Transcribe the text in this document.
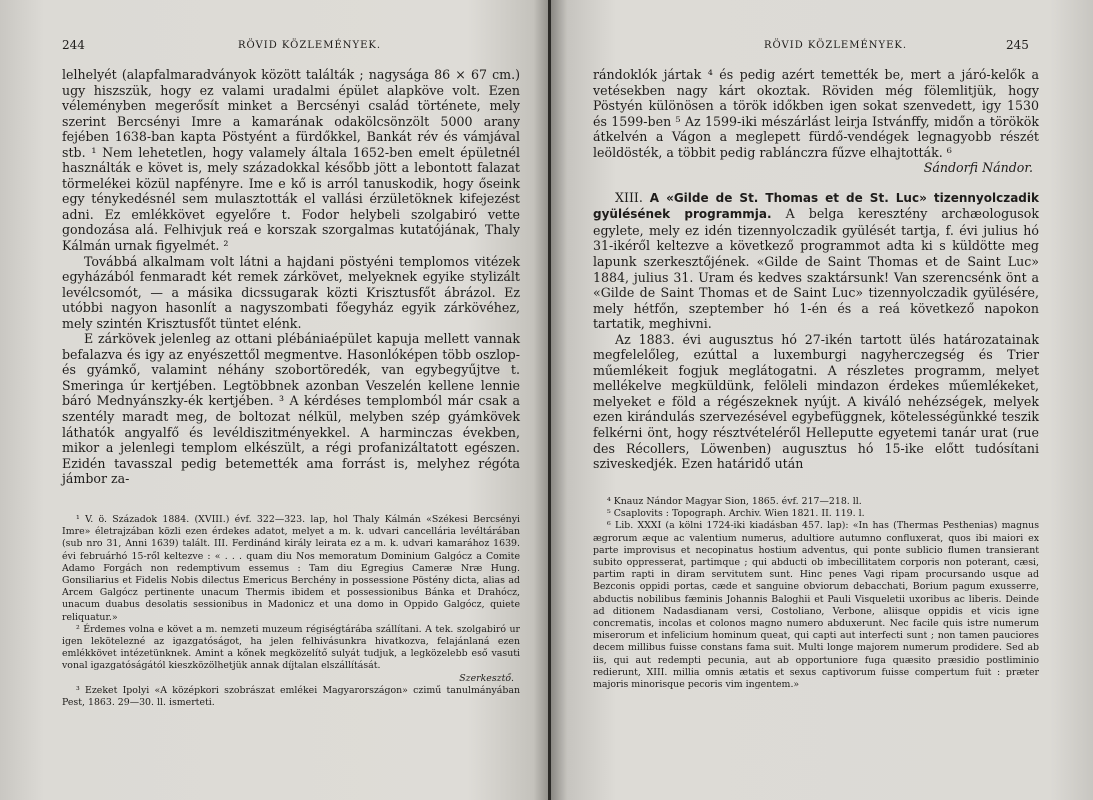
244	RÖVID KÖZLEMÉNYEK.

lelhelyét (alapfalmaradványok között találták ; nagysága 86 × 67 cm.) ugy hiszszük, hogy ez valami uradalmi épület alapköve volt. Ezen véleményben megerősít minket a Bercsényi család története, mely szerint Bercsényi Imre a kamarának odakölcsönzölt 5000 arany fejében 1638-ban kapta Pöstyént a fürdőkkel, Bankát rév és vámjával stb. ¹ Nem lehetetlen, hogy valamely általa 1652-ben emelt épületnél használták e követ is, mely századokkal később jött a lebontott falazat törmelékei közül napfényre. Ime e kő is arról tanuskodik, hogy őseink egy ténykedésnél sem mulasztották el vallási érzületöknek kifejezést adni. Ez emlékkövet egyelőre t. Fodor helybeli szolgabiró vette gondozása alá. Felhivjuk reá e korszak szorgalmas kutatójának, Thaly Kálmán urnak figyelmét. ²

Továbbá alkalmam volt látni a hajdani pöstyéni templomos vitézek egyházából fenmaradt két remek zárkövet, melyeknek egyike stylizált levélcsomót, — a másika dicssugarak közti Krisztusfőt ábrázol. Ez utóbbi nagyon hasonlít a nagyszombati főegyház egyik zárkövéhez, mely szintén Krisztusfőt tüntet elénk.

E zárkövek jelenleg az ottani plébániaépület kapuja mellett vannak befalazva és igy az enyészettől megmentve. Hasonlóképen több oszlop- és gyámkő, valamint néhány szobortöredék, van egybegyűjtve t. Smeringa úr kertjében. Legtöbbnek azonban Veszelén kellene lennie báró Mednyánszky-ék kertjében. ³ A kérdéses templomból már csak a szentély maradt meg, de boltozat nélkül, melyben szép gyámkövek láthatók angyalfő és levéldiszitményekkel. A harminczas években, mikor a jelenlegi templom elkészült, a régi profanizáltatott egészen. Ezidén tavasszal pedig betemették ama forrást is, melyhez régóta jámbor za-

¹ V. ö. Századok 1884. (XVIII.) évf. 322—323. lap, hol Thaly Kálmán «Székesi Bercsényi Imre» életrajzában közli ezen érdekes adatot, melyet a m. k. udvari cancellária levéltárában (sub nro 31, Anni 1639) talált. III. Ferdinánd király leirata ez a m. k. udvari kamarához 1639. évi februárhó 15-ről keltezve : « . . . quam diu Nos memoratum Dominium Galgócz a Comite Adamo Forgách non redemptivum essemus : Tam diu Egregius Cameræ Nræ Hung. Gonsiliarius et Fidelis Nobis dilectus Emericus Berchény in possessione Pöstény dicta, alias ad Arcem Galgócz pertinente unacum Thermis ibidem et possessionibus Bánka et Drahócz, unacum duabus desolatis sessionibus in Madonicz et una domo in Oppido Galgócz, quiete reliquatur.»

² Érdemes volna e követ a m. nemzeti muzeum régiségtárába szállítani. A tek. szolgabiró ur igen lekötelezné az igazgatóságot, ha jelen felhivásunkra hivatkozva, felajánlaná ezen emlékkövet intézetünknek. Amint a kőnek megközelítő sulyát tudjuk, a legközelebb eső vasuti vonal igazgatóságától kieszközölhetjük annak díjtalan elszállítását.

Szerkesztő.

³ Ezeket Ipolyi «A középkori szobrászat emlékei Magyarországon» czimű tanulmányában Pest, 1863. 29—30. ll. ismerteti.

RÖVID KÖZLEMÉNYEK.	245

rándoklók jártak ⁴ és pedig azért temették be, mert a járó-kelők a vetésekben nagy kárt okoztak. Röviden még fölemlitjük, hogy Pöstyén különösen a török időkben igen sokat szenvedett, igy 1530 és 1599-ben ⁵ Az 1599-iki mészárlást leirja Istvánffy, midőn a törökök átkelvén a Vágon a meglepett fürdő-vendégek legnagyobb részét leöldösték, a többit pedig rablánczra fűzve elhajtották. ⁶

Sándorfi Nándor.

XIII. A «Gilde de St. Thomas et de St. Luc» tizennyolczadik gyülésének programmja. A belga keresztény archæologusok egylete, mely ez idén tizennyolczadik gyülését tartja, f. évi julius hó 31-ikéről keltezve a következő programmot adta ki s küldötte meg lapunk szerkesztőjének. «Gilde de Saint Thomas et de Saint Luc» 1884, julius 31. Uram és kedves szaktársunk! Van szerencsénk önt a «Gilde de Saint Thomas et de Saint Luc» tizennyolczadik gyülésére, mely hétfőn, szeptember hó 1-én és a reá következő napokon tartatik, meghivni.

Az 1883. évi augusztus hó 27-ikén tartott ülés határozatainak megfelelőleg, ezúttal a luxemburgi nagyherczegség és Trier műemlékeit fogjuk meglátogatni. A részletes programm, melyet mellékelve megküldünk, felöleli mindazon érdekes műemlékeket, melyeket e föld a régészeknek nyújt. A kiváló nehézségek, melyek ezen kirándulás szervezésével egybefüggnek, kötelességünkké teszik felkérni önt, hogy résztvételéről Helleputte egyetemi tanár urat (rue des Récollers, Löwenben) augusztus hó 15-ike előtt tudósítani sziveskedjék. Ezen határidő után

⁴ Knauz Nándor Magyar Sion, 1865. évf. 217—218. ll.

⁵ Csaplovits : Topograph. Archiv. Wien 1821. II. 119. l.

⁶ Lib. XXXI (a kölni 1724-iki kiadásban 457. lap): «In has (Thermas Pesthenias) magnus ægrorum æque ac valentium numerus, adultiore autumno confluxerat, quos ibi maiori ex parte improvisus et necopinatus hostium adventus, qui ponte sublicio flumen transierant subito oppresserat, partimque ; qui abducti ob imbecillitatem corporis non poterant, cæsi, partim rapti in diram servitutem sunt. Hinc penes Vagi ripam procursando usque ad Bezconis oppidi portas, cæde et sanguine obviorum debacchati, Borium pagum exusserre, abductis nobilibus fæminis Johannis Baloghii et Pauli Visqueletii uxoribus ac liberis. Deinde ad ditionem Nadasdianam versi, Costoliano, Verbone, aliisque oppidis et vicis igne concrematis, incolas et colonos magno numero abduxerunt. Nec facile quis istre numerum miserorum et infelicium hominum queat, qui capti aut interfecti sunt ; non tamen pauciores decem millibus fuisse constans fama suit. Multi longe majorem numerum prodidere. Sed ab iis, qui aut redempti pecunia, aut ab opportuniore fuga quæsito præsidio postliminio redierunt, XIII. millia omnis ætatis et sexus captivorum fuisse compertum fuit : præter majoris minorisque pecoris vim ingentem.»
